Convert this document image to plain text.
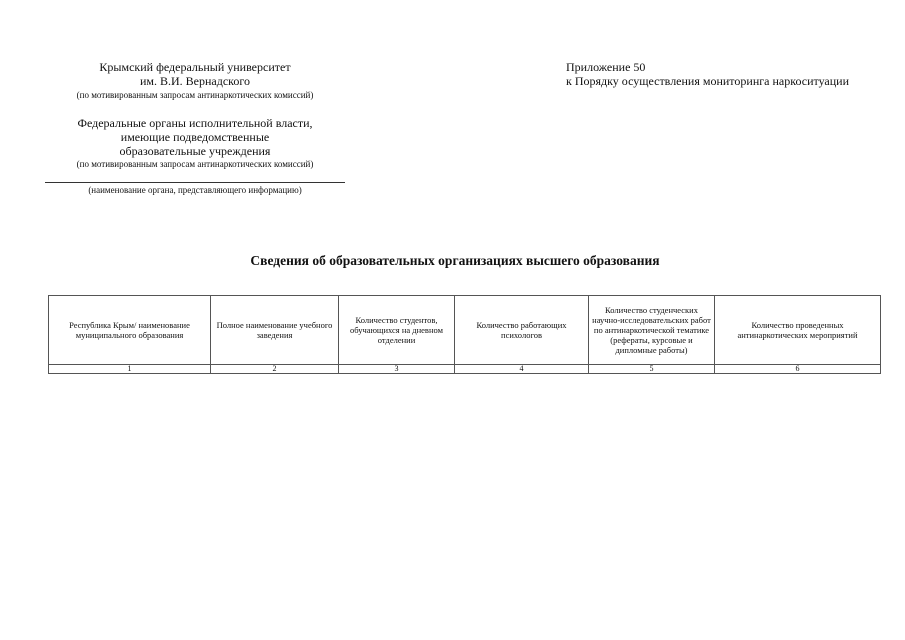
Крымский федеральный университет
им. В.И. Вернадского
(по мотивированным запросам антинаркотических комиссий)
Федеральные органы исполнительной власти,
имеющие подведомственные
образовательные учреждения
(по мотивированным запросам антинаркотических комиссий)
(наименование органа, представляющего информацию)
Приложение 50
к Порядку осуществления мониторинга наркоситуации
Сведения об образовательных организациях высшего образования
Республика Крым/ наименование муниципального образования	Полное наименование учебного заведения	Количество студентов, обучающихся на дневном отделении	Количество работающих психологов	Количество студенческих научно-исследовательских работ по антинаркотической тематике (рефераты, курсовые и дипломные работы)	Количество проведенных антинаркотических мероприятий
1	2	3	4	5	6
